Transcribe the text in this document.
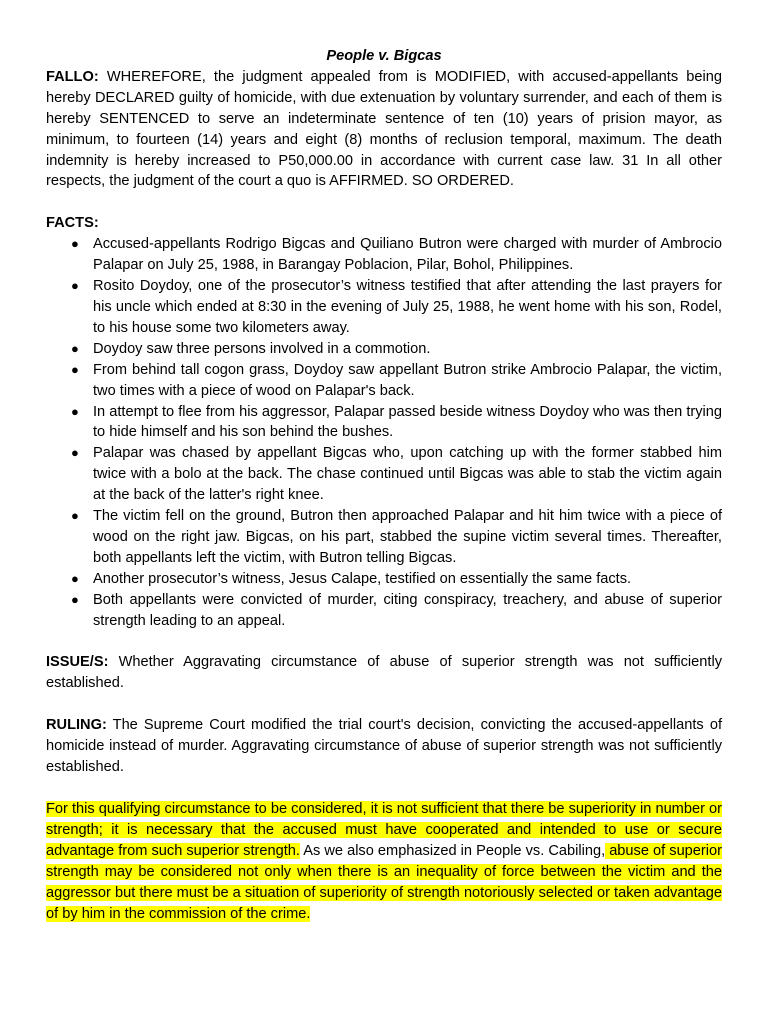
People v. Bigcas

FALLO: WHEREFORE, the judgment appealed from is MODIFIED, with accused-appellants being hereby DECLARED guilty of homicide, with due extenuation by voluntary surrender, and each of them is hereby SENTENCED to serve an indeterminate sentence of ten (10) years of prision mayor, as minimum, to fourteen (14) years and eight (8) months of reclusion temporal, maximum. The death indemnity is hereby increased to P50,000.00 in accordance with current case law. 31 In all other respects, the judgment of the court a quo is AFFIRMED. SO ORDERED.

FACTS:

● Accused-appellants Rodrigo Bigcas and Quiliano Butron were charged with murder of Ambrocio Palapar on July 25, 1988, in Barangay Poblacion, Pilar, Bohol, Philippines.
● Rosito Doydoy, one of the prosecutor’s witness testified that after attending the last prayers for his uncle which ended at 8:30 in the evening of July 25, 1988, he went home with his son, Rodel, to his house some two kilometers away.
● Doydoy saw three persons involved in a commotion.
● From behind tall cogon grass, Doydoy saw appellant Butron strike Ambrocio Palapar, the victim, two times with a piece of wood on Palapar's back.
● In attempt to flee from his aggressor, Palapar passed beside witness Doydoy who was then trying to hide himself and his son behind the bushes.
● Palapar was chased by appellant Bigcas who, upon catching up with the former stabbed him twice with a bolo at the back. The chase continued until Bigcas was able to stab the victim again at the back of the latter's right knee.
● The victim fell on the ground, Butron then approached Palapar and hit him twice with a piece of wood on the right jaw. Bigcas, on his part, stabbed the supine victim several times. Thereafter, both appellants left the victim, with Butron telling Bigcas.
● Another prosecutor’s witness, Jesus Calape, testified on essentially the same facts.
● Both appellants were convicted of murder, citing conspiracy, treachery, and abuse of superior strength leading to an appeal.

ISSUE/S: Whether Aggravating circumstance of abuse of superior strength was not sufficiently established.

RULING: The Supreme Court modified the trial court's decision, convicting the accused-appellants of homicide instead of murder. Aggravating circumstance of abuse of superior strength was not sufficiently established.

For this qualifying circumstance to be considered, it is not sufficient that there be superiority in number or strength; it is necessary that the accused must have cooperated and intended to use or secure advantage from such superior strength. As we also emphasized in People vs. Cabiling, abuse of superior strength may be considered not only when there is an inequality of force between the victim and the aggressor but there must be a situation of superiority of strength notoriously selected or taken advantage of by him in the commission of the crime.
